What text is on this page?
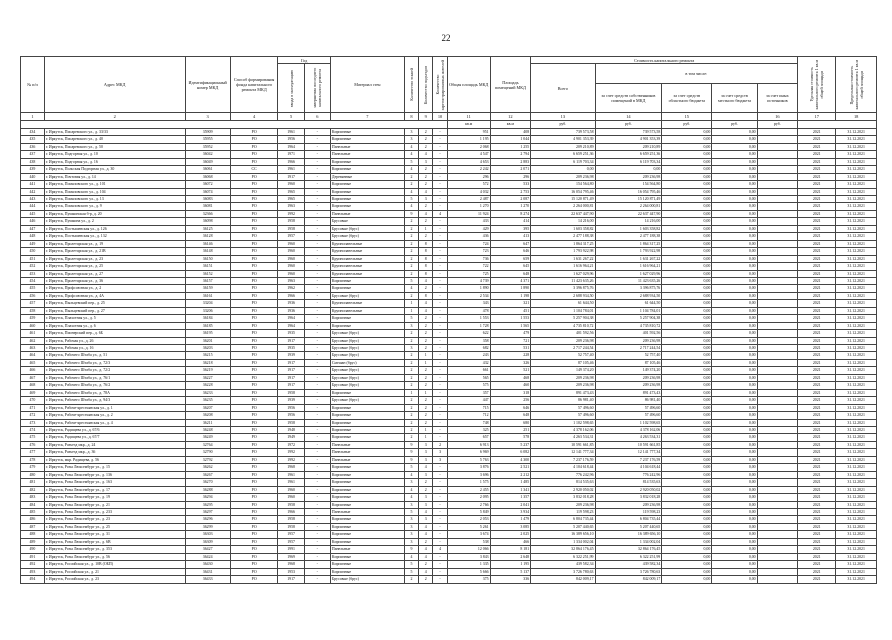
22
№ п/п	Адрес МКД	Идентификационный номер МКД	Способ формирования фонда капитального ремонта МКД	Год		Материал стен	Количество этажей	Количество подъездов	Количество зарегистрированных жителей	Общая площадь МКД	Площадь помещений МКД	Стоимость капитального ремонта					Удельная стоимость капитального ремонта 1 кв.м общей площади	Предельная стоимость капитального ремонта 1 кв.м общей площади

				ввода в эксплуатацию	завершения последнего капитального ремонта							Всего	в том числе:					
													за счет средств собственников помещений в МКД	за счет средств областного бюджета	за счет средств местного бюджета	за счет иных источников		
1	2	3	4	5	6	7	8	9	10	11	12	13	14	15		16	17	18
										кв.м	кв.м	руб.	руб.	руб.	руб.	руб.		
434	г. Иркутск, Писаревского ул., д. 33/33	35909	РО	1961	-	Кирпичные	3	2	-	951	408	739 573,58	739 573,58	0,00	0,00		2021	31.12.2021
435	г. Иркутск, Писаревского ул., д. 40	35955	РО	1956	-	Кирпичные	3	2	-	1 195	1 044	4 901 353,39	4 901 353,39	0,00	0,00		2021	31.12.2021
436	г. Иркутск, Писаревского ул., д. 50	35952	РО	1964	-	Панельные	4	2	-	2 068	1 255	209 210,89	209 210,89	0,00	0,00		2021	31.12.2021
437	г. Иркутск, Подгорная ул., д. 10	36042	РО	1971	-	Панельные	4	4	-	4 547	2 794	6 659 251,36	6 659 251,36	0,00	0,00		2021	31.12.2021
438	г. Иркутск, Подгорная ул., д. 16	36049	РО	1966	-	Кирпичные	5	3	-	4 653	2 883	6 119 703,34	6 119 703,34	0,00	0,00		2021	31.12.2021
439	г. Иркутск, Польская Подгорная ул., д. 30	36061	СС	1961	-	Кирпичные	4	2	-	2 242	2 071	0,00	0,00	0,00	0,00		2021	31.12.2021
440	г. Иркутск, Почтовая ул., д. 14	36068	РО	1917	-	Деревянные	2	2	-	296	296	209 236,98	209 236,98	0,00	0,00		2021	31.12.2021
441	г. Иркутск, Помяловского ул., д. 101	36072	РО	1960	-	Кирпичные	2	2	-	572	533	154 564,80	154 564,80	0,00	0,00		2021	31.12.2021
442	г. Иркутск, Помяловского ул., д. 104	36074	РО	1965	-	Кирпичные	4	4	-	4 032	2 753	16 054 795,46	16 054 795,46	0,00	0,00		2021	31.12.2021
443	г. Иркутск, Помяловского ул., д. 13	36083	РО	1965	-	Кирпичные	5	3	-	2 487	2 087	15 120 871,49	15 120 871,49	0,00	0,00		2021	31.12.2021
444	г. Иркутск, Помяловского ул., д. 9	36081	РО	1963	-	Кирпичные	4	2	-	1 270	1 270	2 264 000,81	2 264 000,81	0,00	0,00		2021	31.12.2021
445	г. Иркутск, Пушкинская б-р, д. 20	32366	РО	1992	-	Панельные	9	4	4	11 924	8 274	22 637 447,90	22 637 447,90	0,00	0,00		2021	31.12.2021
446	г. Иркутск, Пушкина ул., д. 2	36098	РО	1958	-	Брусовые	2	2	-	433	414	14 216,00	14 216,00	0,00	0,00		2021	31.12.2021
447	г. Иркутск, Постышевская ул., д. 126	36125	РО	1958	-	Брусовые (брус)	2	1	-	429	395	1 603 358,82	1 603 358,82	0,00	0,00		2021	31.12.2021
448	г. Иркутск, Постышевская ул., д. 132	36128	РО	1957	-	Брусовые (брус)	2	2	-	436	413	2 477 188,38	2 477 188,38	0,00	0,00		2021	31.12.2021
449	г. Иркутск, Пролетарская ул., д. 19	36146	РО	1960	-	Крупнопанельные	2	8	-	724	647	1 864 317,25	1 864 317,25	0,00	0,00		2021	31.12.2021
450	г. Иркутск, Пролетарская ул., д. 21В	36148	РО	1960	-	Крупнопанельные	2	8	-	723	646	1 793 922,98	1 793 922,98	0,00	0,00		2021	31.12.2021
451	г. Иркутск, Пролетарская ул., д. 23	36150	РО	1960	-	Крупнопанельные	2	8	-	736	659	1 631 267,22	1 631 267,22	0,00	0,00		2021	31.12.2021
452	г. Иркутск, Пролетарская ул., д. 25	36151	РО	1960	-	Крупнопанельные	2	8	-	722	645	1 616 964,21	1 616 964,21	0,00	0,00		2021	31.12.2021
453	г. Иркутск, Пролетарская ул., д. 27	36152	РО	1960	-	Крупнопанельные	2	8	-	725	648	1 627 029,96	1 627 029,96	0,00	0,00		2021	31.12.2021
454	г. Иркутск, Пролетарская ул., д. 36	36157	РО	1963	-	Кирпичные	5	4	-	4 739	4 371	11 423 635,26	11 423 635,26	0,00	0,00		2021	31.12.2021
455	г. Иркутск, Профсоюзная ул., д. 2	36159	РО	1962	-	Кирпичные	4	2	-	1 890	1 890	3 396 875,76	3 396 875,76	0,00	0,00		2021	31.12.2021
456	г. Иркутск, Профсоюзная ул., д. 4А	36161	РО	1966	-	Брусовые (брус)	2	8	-	2 534	1 198	2 688 934,50	2 688 934,50	0,00	0,00		2021	31.12.2021
457	г. Иркутск, Пыльцевский пер., д. 25	33204	РО	1936	-	Крупнопанельные	1	4	-	343	321	61 644,50	61 644,50	0,00	0,00		2021	31.12.2021
458	г. Иркутск, Пыльцевский пер., д. 27	33206	РО	1936	-	Крупнопанельные	1	4	-	478	451	1 104 784,01	1 104 784,01	0,00	0,00		2021	31.12.2021
459	г. Иркутск, Плахотная ул., д. 5	36184	РО	1964	-	Кирпичные	5	2	-	1 553	1 553	5 257 904,38	5 257 904,38	0,00	0,00		2021	31.12.2021
460	г. Иркутск, Плахотная ул., д. 6	36185	РО	1964	-	Кирпичные	3	2	-	1 728	1 565	4 735 810,72	4 735 810,72	0,00	0,00		2021	31.12.2021
461	г. Иркутск, Пионерский пер., д. 6Б	36195	РО	1935	-	Брусовые (брус)	2	2	-	622	479	401 592,56	401 592,56	0,00	0,00		2021	31.12.2021
462	г. Иркутск, Рабочая ул., д. 26	36201	РО	1917	-	Брусовые (брус)	2	2	-	358	721	209 236,98	209 236,98	0,00	0,00		2021	31.12.2021
463	г. Иркутск, Рабочая ул., д. 16	36203	РО	1935	-	Брусовые (брус)	3	2	-	682	531	2 717 244,54	2 717 244,54	0,00	0,00		2021	31.12.2021
464	г. Иркутск, Рабочего Штаба ул., д. 51	36215	РО	1939	-	Брусовые (брус)	2	1	-	243	228	52 757,40	52 757,40	0,00	0,00		2021	31.12.2021
465	г. Иркутск, Рабочего Штаба ул., д. 72/3	36218	РО	1917	-	Смешан (брус)	2	1	-	432	326	87 105,46	87 105,46	0,00	0,00		2021	31.12.2021
466	г. Иркутск, Рабочего Штаба ул., д. 72/2	36219	РО	1917	-	Брусовые (брус)	2	2	-	661	521	149 374,20	149 374,20	0,00	0,00		2021	31.12.2021
467	г. Иркутск, Рабочего Штаба ул., д. 76/1	36227	РО	1917	-	Брусовые (брус)	2	2	-	565	468	209 236,98	209 236,98	0,00	0,00		2021	31.12.2021
468	г. Иркутск, Рабочего Штаба ул., д. 76/2	36228	РО	1917	-	Брусовые (брус)	2	2	-	575	460	209 236,98	209 236,98	0,00	0,00		2021	31.12.2021
469	г. Иркутск, Рабочего Штаба ул., д. 78А	36233	РО	1958	-	Кирпичные	1	1	-	357	318	891 473,43	891 473,43	0,00	0,00		2021	31.12.2021
470	г. Иркутск, Рабочего Штаба ул., д. 94/3	36235	РО	1939	-	Брусовые (брус)	2	2	-	447	256	86 981,40	86 981,40	0,00	0,00		2021	31.12.2021
471	г. Иркутск, Рабоче-крестьянская ул., д. 1	36207	РО	1956	-	Кирпичные	2	2	-	715	646	57 496,60	57 496,60	0,00	0,00		2021	31.12.2021
472	г. Иркутск, Рабоче-крестьянская ул., д. 2	36208	РО	1956	-	Кирпичные	2	2	-	712	648	57 496,60	57 496,60	0,00	0,00		2021	31.12.2021
473	г. Иркутск, Рабоче-крестьянская ул., д. 4	36211	РО	1958	-	Кирпичные	2	2	-	748	680	1 102 598,65	1 102 598,65	0,00	0,00		2021	31.12.2021
474	г. Иркутск, Радищева ул., д. 67/6	36248	РО	1948	-	Кирпичные	2	1	-	325	251	4 378 162,06	4 378 162,06	0,00	0,00		2021	31.12.2021
475	г. Иркутск, Радищева ул., д. 67/7	36249	РО	1949	-	Кирпичные	2	1	-	657	578	4 263 534,31	4 263 534,31	0,00	0,00		2021	31.12.2021
476	г. Иркутск, Разъезд мкр., д. 24	32764	РО	1972	-	Панельные	9	3	2	6 913	5 237	10 591 661,85	10 591 661,85	0,00	0,00		2021	31.12.2021
477	г. Иркутск, Разъезд мкр., д. 36	32790	РО	1992	-	Панельные	9	3	3	6 969	6 082	12 141 777,34	12 141 777,34	0,00	0,00		2021	31.12.2021
478	г. Иркутск, мкр. Радищева, д. 56	32792	РО	1992	-	Панельные	9	3	3	5 763	4 300	7 237 176,59	7 237 176,59	0,00	0,00		2021	31.12.2021
479	г. Иркутск, Розы Люксембург ул., д. 15	36262	РО	1968	-	Кирпичные	5	4	-	3 876	2 521	4 104 618,44	4 104 618,44	0,00	0,00		2021	31.12.2021
480	г. Иркутск, Розы Люксембург ул., д. 136	36267	РО	1961	-	Кирпичные	4	3	-	3 696	2 212	776 242,96	776 242,96	0,00	0,00		2021	31.12.2021
481	г. Иркутск, Розы Люксембург ул., д. 163	36270	РО	1961	-	Кирпичные	3	2	-	1 575	1 485	814 535,63	814 535,63	0,00	0,00		2021	31.12.2021
482	г. Иркутск, Розы Люксембург ул., д. 17	36288	РО	1960	-	Кирпичные	4	2	-	2 455	1 341	2 920 050,02	2 920 050,02	0,00	0,00		2021	31.12.2021
483	г. Иркутск, Розы Люксембург ул., д. 19	36294	РО	1960	-	Кирпичные	4	3	-	2 095	1 357	3 832 018,28	3 832 018,28	0,00	0,00		2021	31.12.2021
484	г. Иркутск, Розы Люксембург ул., д. 21	36295	РО	1958	-	Кирпичные	3	3	-	2 766	2 041	209 236,98	209 236,98	0,00	0,00		2021	31.12.2021
485	г. Иркутск, Розы Люксембург ул., д. 233	36297	РО	1966	-	Панельные	5	4	-	5 849	3 934	119 598,23	119 598,23	0,00	0,00		2021	31.12.2021
486	г. Иркутск, Розы Люксембург ул., д. 23	36296	РО	1958	-	Кирпичные	3	3	-	2 053	1 479	6 804 735,44	6 804 735,44	0,00	0,00		2021	31.12.2021
487	г. Иркутск, Розы Люксембург ул., д. 25	36299	РО	1958	-	Кирпичные	3	4	-	5 261	3 085	5 207 440,65	5 207 440,65	0,00	0,00		2021	31.12.2021
488	г. Иркутск, Розы Люксембург ул., д. 31	36303	РО	1957	-	Кирпичные	3	4	-	3 674	2 025	16 389 656,10	16 389 656,10	0,00	0,00		2021	31.12.2021
489	г. Иркутск, Розы Люксембург ул., д. 6В	36309	РО	1957	-	Кирпичные	3	2	-	538	466	1 334 002,04	1 334 002,04	0,00	0,00		2021	31.12.2021
490	г. Иркутск, Розы Люксембург ул., д. 353	36427	РО	1991	-	Панельные	9	4	4	12 066	8 181	32 864 176,45	32 864 176,45	0,00	0,00		2021	31.12.2021
491	г. Иркутск, Розы Люксембург ул., д. 56	36424	РО	1969	-	Кирпичные	4	4	-	3 843	2 648	6 322 251,99	6 322 251,99	0,00	0,00		2021	31.12.2021
492	г. Иркутск, Российская ул., д. 10В (ОБП)	36430	РО	1968	-	Кирпичные	5	2	-	1 335	1 195	439 582,34	439 582,34	0,00	0,00		2021	31.12.2021
493	г. Иркутск, Российская ул., д. 21	36431	РО	1953	-	Кирпичные	5	4	-	5 666	5 137	3 726 780,63	3 726 780,63	0,00	0,00		2021	31.12.2021
494	г. Иркутск, Российская ул., д. 23	36433	РО	1917	-	Брусовые (брус)	2	2	-	375	336	842 009,17	842 009,17	0,00	0,00		2021	31.12.2021
